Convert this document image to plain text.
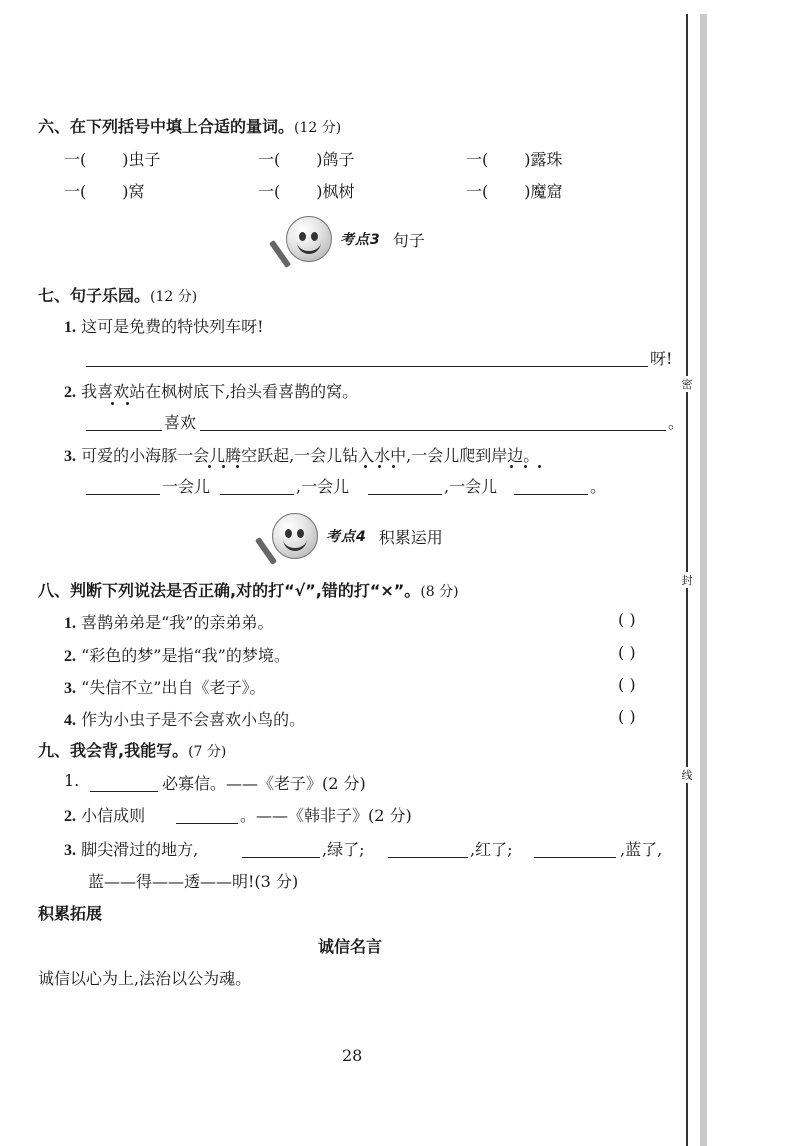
密
封
线
六、在下列括号中填上合适的量词。(12 分)
一( )虫子	一( )鸽子	一( )露珠
一( )窝	一( )枫树	一( )魔窟
考点3 句子
七、句子乐园。(12 分)
1. 这可是免费的特快列车呀!
呀!
2. 我喜欢站在枫树底下,抬头看喜鹊的窝。
喜欢	。
3. 可爱的小海豚一会儿腾空跃起,一会儿钻入水中,一会儿爬到岸边。
一会儿	,一会儿	,一会儿	。
考点4 积累运用
八、判断下列说法是否正确,对的打“√”,错的打“×”。(8 分)
1. 喜鹊弟弟是“我”的亲弟弟。	( )
2. “彩色的梦”是指“我”的梦境。	( )
3. “失信不立”出自《老子》。	( )
4. 作为小虫子是不会喜欢小鸟的。	( )
九、我会背,我能写。(7 分)
1.	必寡信。——《老子》(2 分)
2. 小信成则	。——《韩非子》(2 分)
3. 脚尖滑过的地方,	,绿了;	,红了;	,蓝了,
蓝——得——透——明!(3 分)
积累拓展
诚信名言
诚信以心为上,法治以公为魂。
28
